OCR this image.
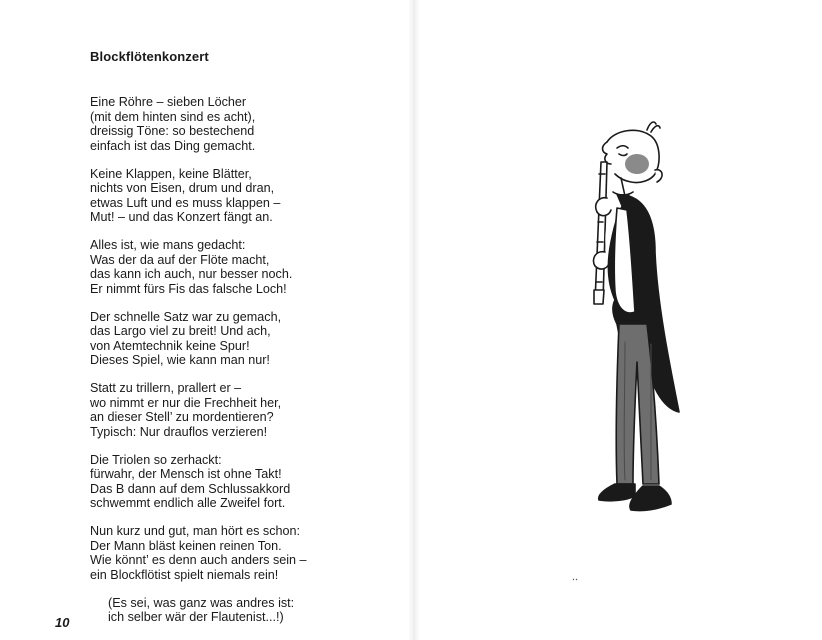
Blockflötenkonzert
Eine Röhre – sieben Löcher
(mit dem hinten sind es acht),
dreissig Töne: so bestechend
einfach ist das Ding gemacht.
Keine Klappen, keine Blätter,
nichts von Eisen, drum und dran,
etwas Luft und es muss klappen –
Mut! – und das Konzert fängt an.
Alles ist, wie mans gedacht:
Was der da auf der Flöte macht,
das kann ich auch, nur besser noch.
Er nimmt fürs Fis das falsche Loch!
Der schnelle Satz war zu gemach,
das Largo viel zu breit! Und ach,
von Atemtechnik keine Spur!
Dieses Spiel, wie kann man nur!
Statt zu trillern, prallert er –
wo nimmt er nur die Frechheit her,
an dieser Stell’ zu mordentieren?
Typisch: Nur drauflos verzieren!
Die Triolen so zerhackt:
fürwahr, der Mensch ist ohne Takt!
Das B dann auf dem Schlussakkord
schwemmt endlich alle Zweifel fort.
Nun kurz und gut, man hört es schon:
Der Mann bläst keinen reinen Ton.
Wie könnt’ es denn auch anders sein –
ein Blockflötist spielt niemals rein!
(Es sei, was ganz was andres ist:
ich selber wär der Flautenist...!)
10
